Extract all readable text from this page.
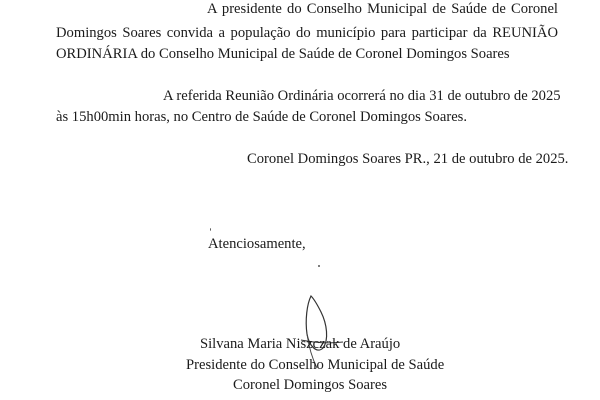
A presidente do Conselho Municipal de Saúde de Coronel
Domingos Soares convida a população do município para participar da REUNIÃO
ORDINÁRIA do Conselho Municipal de Saúde de Coronel Domingos Soares
A referida Reunião Ordinária ocorrerá no dia 31 de outubro de 2025
às 15h00min horas, no Centro de Saúde de Coronel Domingos Soares.
Coronel Domingos Soares PR., 21 de outubro de 2025.
Atenciosamente,
Silvana Maria Niszczak de Araújo
Presidente do Conselho Municipal de Saúde
Coronel Domingos Soares
